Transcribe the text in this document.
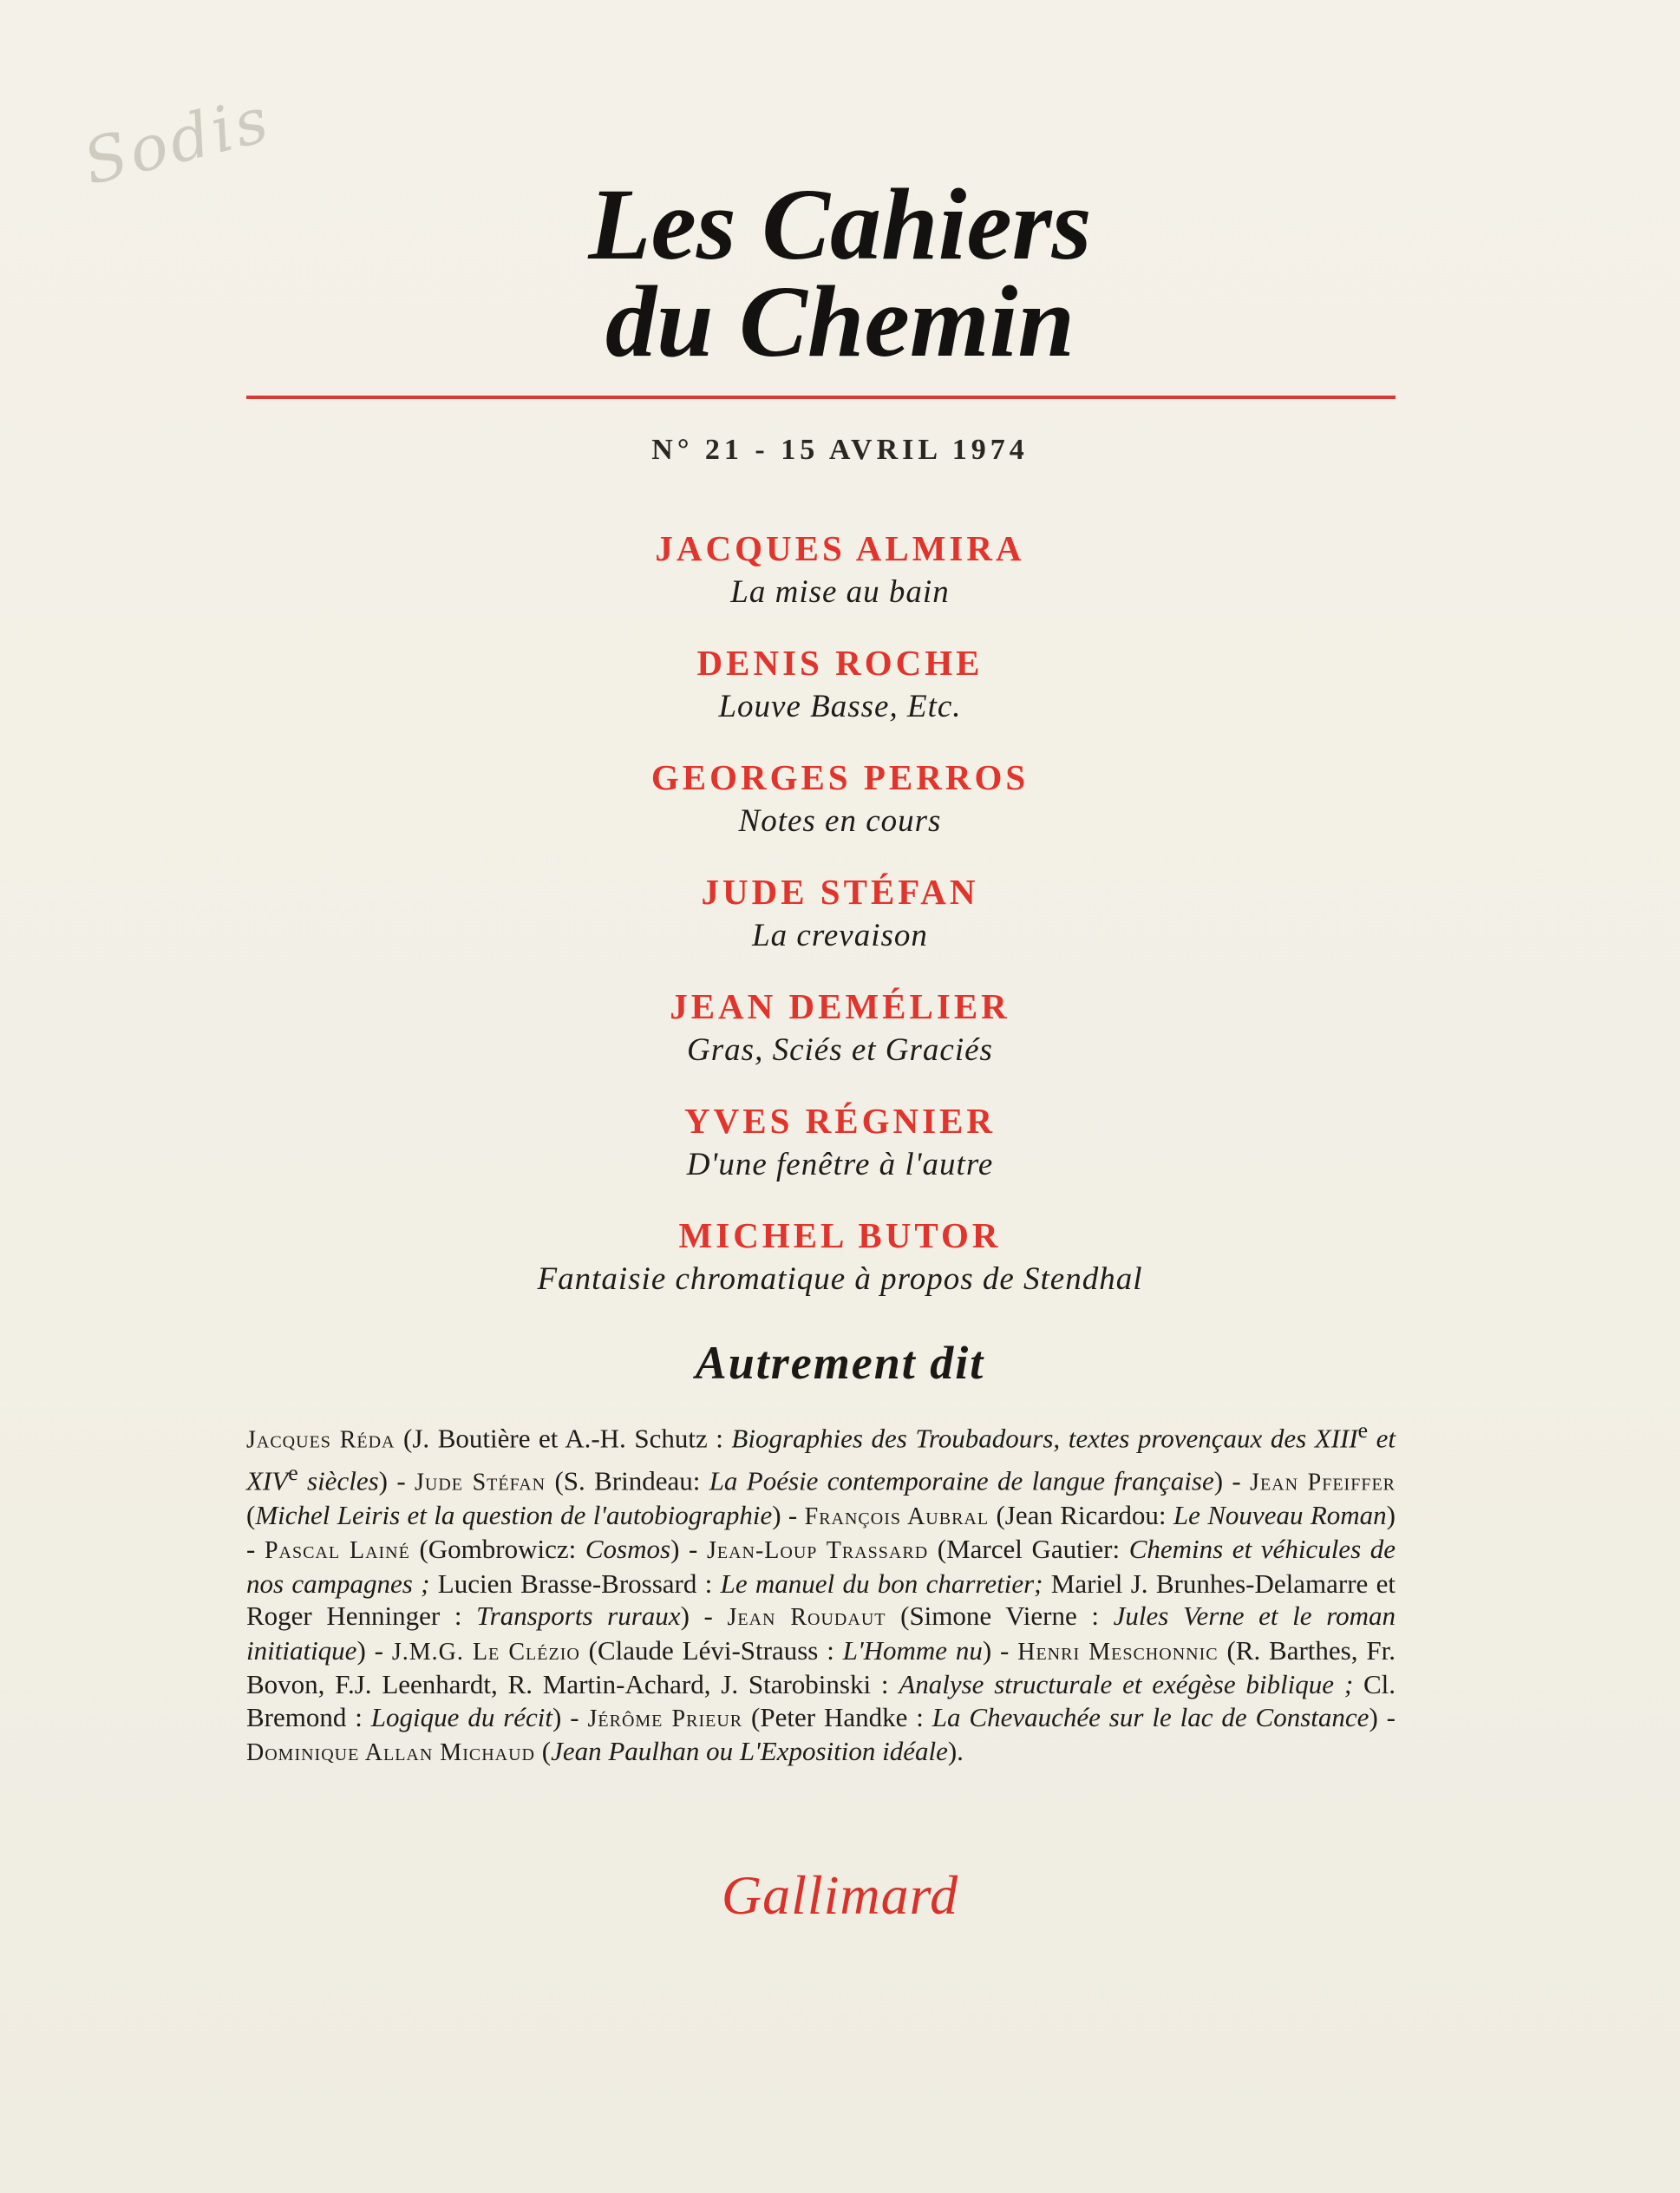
Sodis
Les Cahiers
du Chemin
N° 21 - 15 AVRIL 1974
JACQUES ALMIRA
La mise au bain
DENIS ROCHE
Louve Basse, Etc.
GEORGES PERROS
Notes en cours
JUDE STÉFAN
La crevaison
JEAN DEMÉLIER
Gras, Sciés et Graciés
YVES RÉGNIER
D'une fenêtre à l'autre
MICHEL BUTOR
Fantaisie chromatique à propos de Stendhal
Autrement dit
Jacques Réda (J. Boutière et A.-H. Schutz : Biographies des Troubadours, textes provençaux des XIIIe et XIVe siècles) - Jude Stéfan (S. Brindeau: La Poésie contemporaine de langue française) - Jean Pfeiffer (Michel Leiris et la question de l'autobiographie) - François Aubral (Jean Ricardou: Le Nouveau Roman) - Pascal Lainé (Gombrowicz: Cosmos) - Jean-Loup Trassard (Marcel Gautier: Chemins et véhicules de nos campagnes ; Lucien Brasse-Brossard : Le manuel du bon charretier; Mariel J. Brunhes-Delamarre et Roger Henninger : Transports ruraux) - Jean Roudaut (Simone Vierne : Jules Verne et le roman initiatique) - J.M.G. Le Clézio (Claude Lévi-Strauss : L'Homme nu) - Henri Meschonnic (R. Barthes, Fr. Bovon, F.J. Leenhardt, R. Martin-Achard, J. Starobinski : Analyse structurale et exégèse biblique ; Cl. Bremond : Logique du récit) - Jérôme Prieur (Peter Handke : La Chevauchée sur le lac de Constance) - Dominique Allan Michaud (Jean Paulhan ou L'Exposition idéale).
Gallimard
